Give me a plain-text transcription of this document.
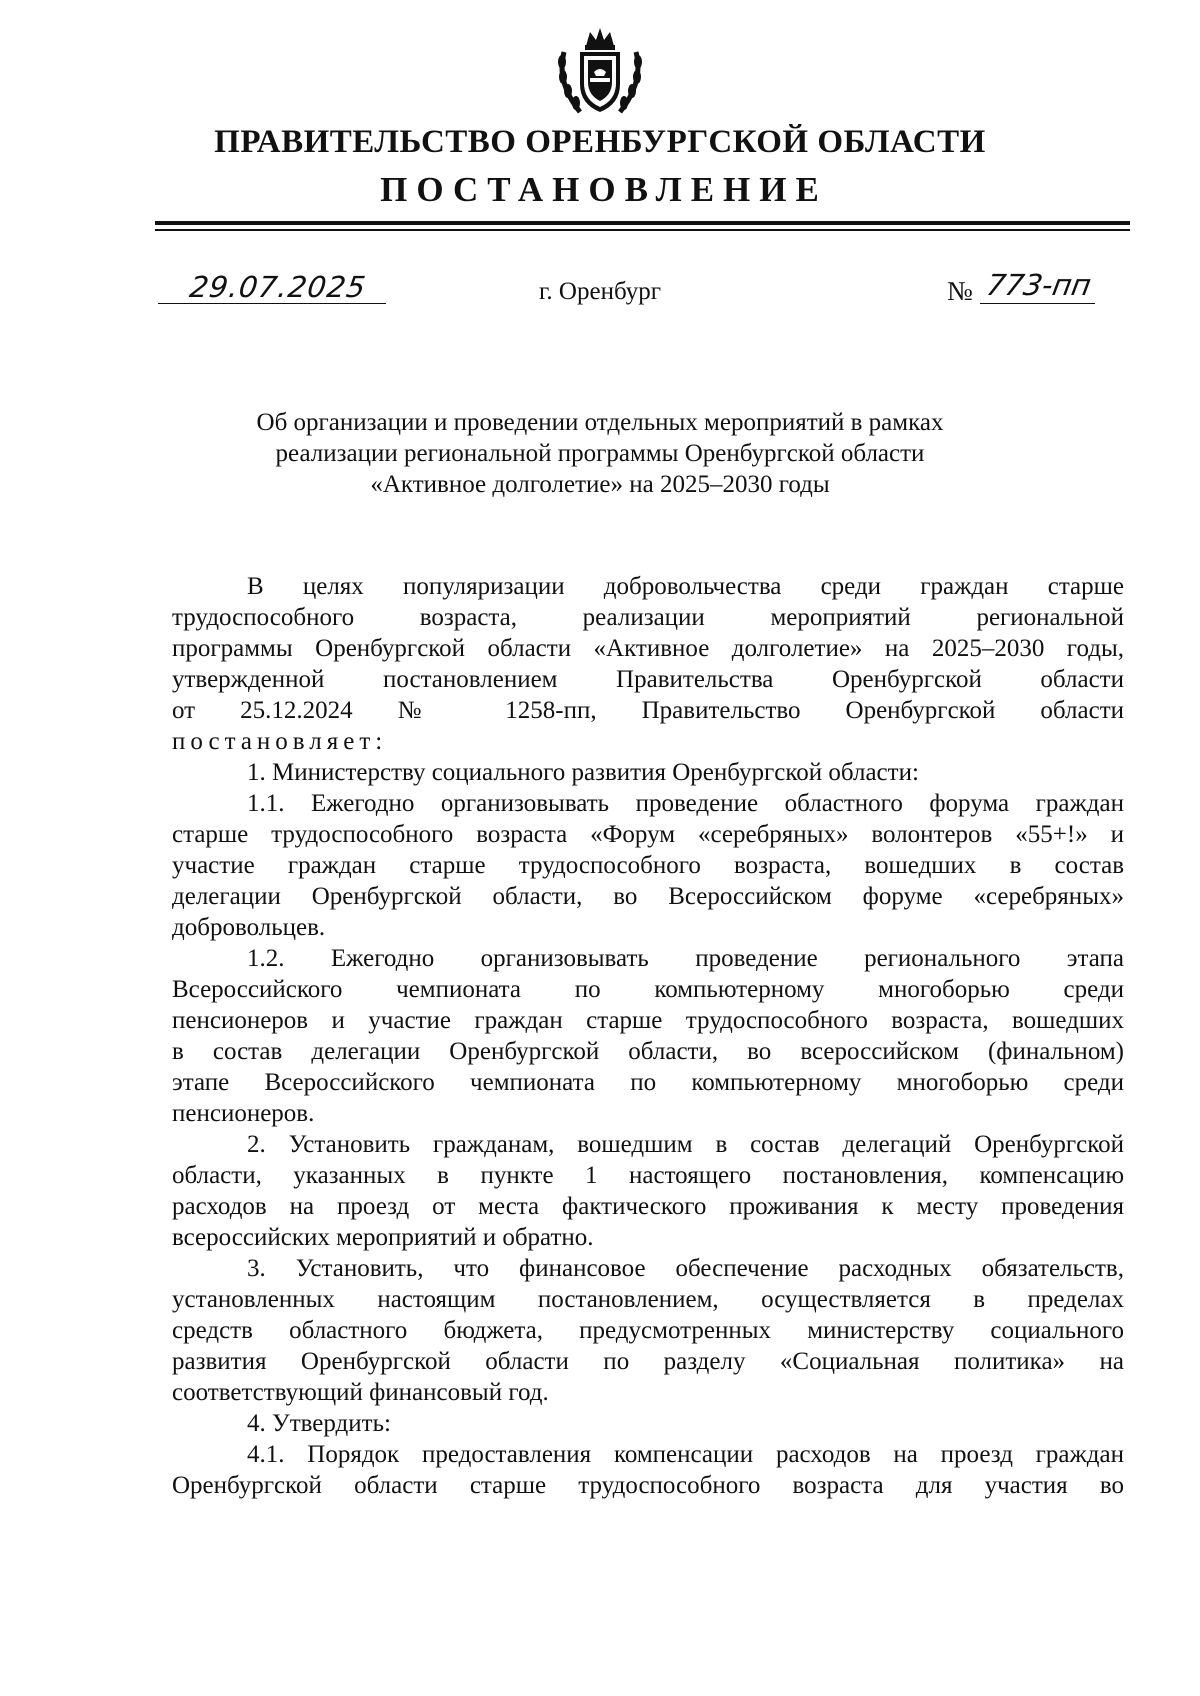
ПРАВИТЕЛЬСТВО ОРЕНБУРГСКОЙ ОБЛАСТИ
ПОСТАНОВЛЕНИЕ
29.07.2025	г. Оренбург	№ 773-пп
Об организации и проведении отдельных мероприятий в рамках
реализации региональной программы Оренбургской области
«Активное долголетие» на 2025–2030 годы
В целях популяризации добровольчества среди граждан старше
трудоспособного возраста, реализации мероприятий региональной
программы Оренбургской области «Активное долголетие» на 2025–2030 годы,
утвержденной постановлением Правительства Оренбургской области
от 25.12.2024 № 1258-пп, Правительство Оренбургской области
постановляет:
1. Министерству социального развития Оренбургской области:
1.1. Ежегодно организовывать проведение областного форума граждан
старше трудоспособного возраста «Форум «серебряных» волонтеров «55+!» и
участие граждан старше трудоспособного возраста, вошедших в состав
делегации Оренбургской области, во Всероссийском форуме «серебряных»
добровольцев.
1.2. Ежегодно организовывать проведение регионального этапа
Всероссийского чемпионата по компьютерному многоборью среди
пенсионеров и участие граждан старше трудоспособного возраста, вошедших
в состав делегации Оренбургской области, во всероссийском (финальном)
этапе Всероссийского чемпионата по компьютерному многоборью среди
пенсионеров.
2. Установить гражданам, вошедшим в состав делегаций Оренбургской
области, указанных в пункте 1 настоящего постановления, компенсацию
расходов на проезд от места фактического проживания к месту проведения
всероссийских мероприятий и обратно.
3. Установить, что финансовое обеспечение расходных обязательств,
установленных настоящим постановлением, осуществляется в пределах
средств областного бюджета, предусмотренных министерству социального
развития Оренбургской области по разделу «Социальная политика» на
соответствующий финансовый год.
4. Утвердить:
4.1. Порядок предоставления компенсации расходов на проезд граждан
Оренбургской области старше трудоспособного возраста для участия во
